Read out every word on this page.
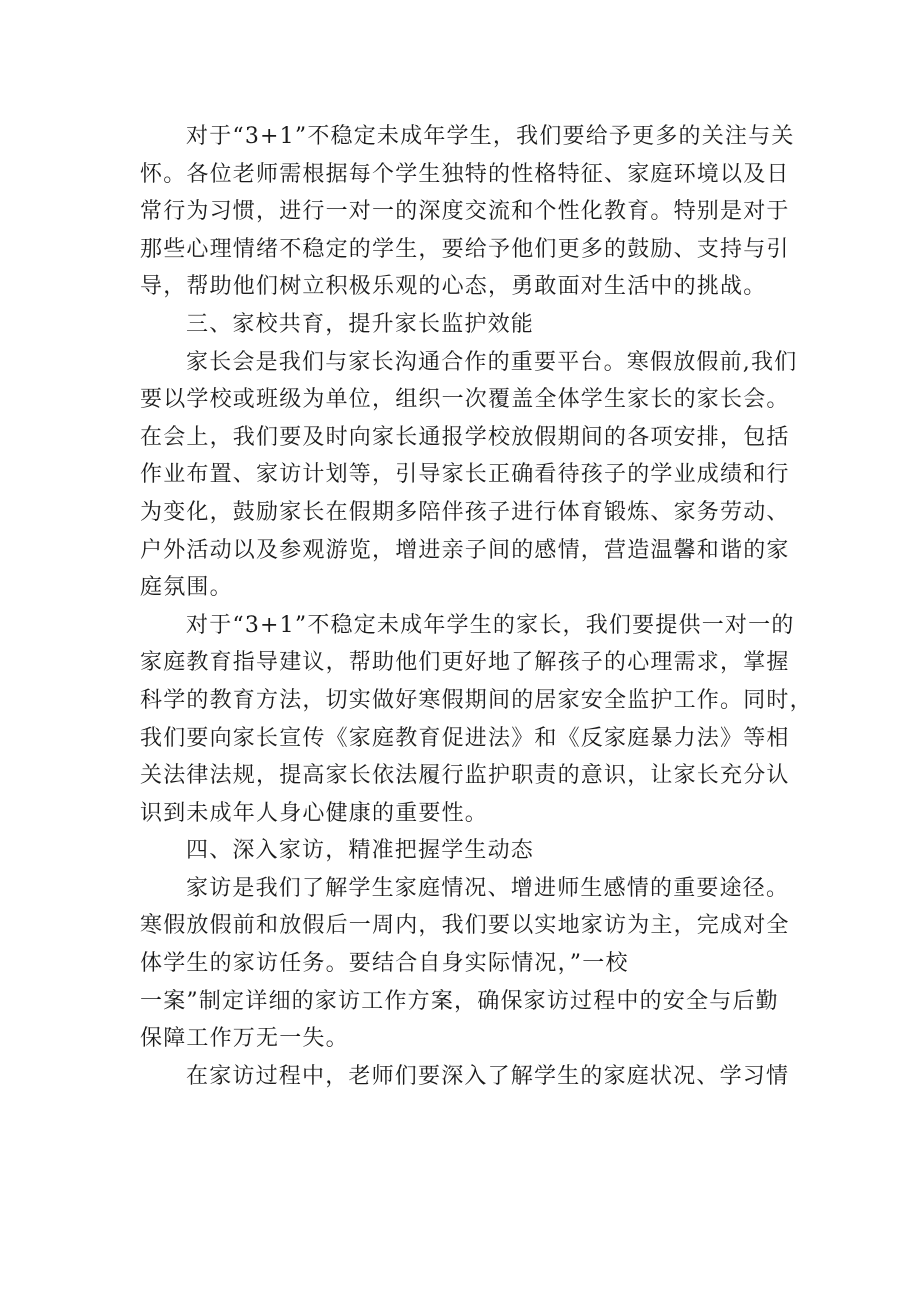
对于“3+1”不稳定未成年学生，我们要给予更多的关注与关
怀。各位老师需根据每个学生独特的性格特征、家庭环境以及日
常行为习惯，进行一对一的深度交流和个性化教育。特别是对于
那些心理情绪不稳定的学生，要给予他们更多的鼓励、支持与引
导，帮助他们树立积极乐观的心态，勇敢面对生活中的挑战。
三、家校共育，提升家长监护效能
家长会是我们与家长沟通合作的重要平台。寒假放假前,我们
要以学校或班级为单位，组织一次覆盖全体学生家长的家长会。
在会上，我们要及时向家长通报学校放假期间的各项安排，包括
作业布置、家访计划等，引导家长正确看待孩子的学业成绩和行
为变化，鼓励家长在假期多陪伴孩子进行体育锻炼、家务劳动、
户外活动以及参观游览，增进亲子间的感情，营造温馨和谐的家
庭氛围。
对于“3+1”不稳定未成年学生的家长，我们要提供一对一的
家庭教育指导建议，帮助他们更好地了解孩子的心理需求，掌握
科学的教育方法，切实做好寒假期间的居家安全监护工作。同时，
我们要向家长宣传《家庭教育促进法》和《反家庭暴力法》等相
关法律法规，提高家长依法履行监护职责的意识，让家长充分认
识到未成年人身心健康的重要性。
四、深入家访，精准把握学生动态
家访是我们了解学生家庭情况、增进师生感情的重要途径。
寒假放假前和放假后一周内，我们要以实地家访为主，完成对全
体学生的家访任务。要结合自身实际情况，”一校
一案”制定详细的家访工作方案，确保家访过程中的安全与后勤
保障工作万无一失。
在家访过程中，老师们要深入了解学生的家庭状况、学习情
